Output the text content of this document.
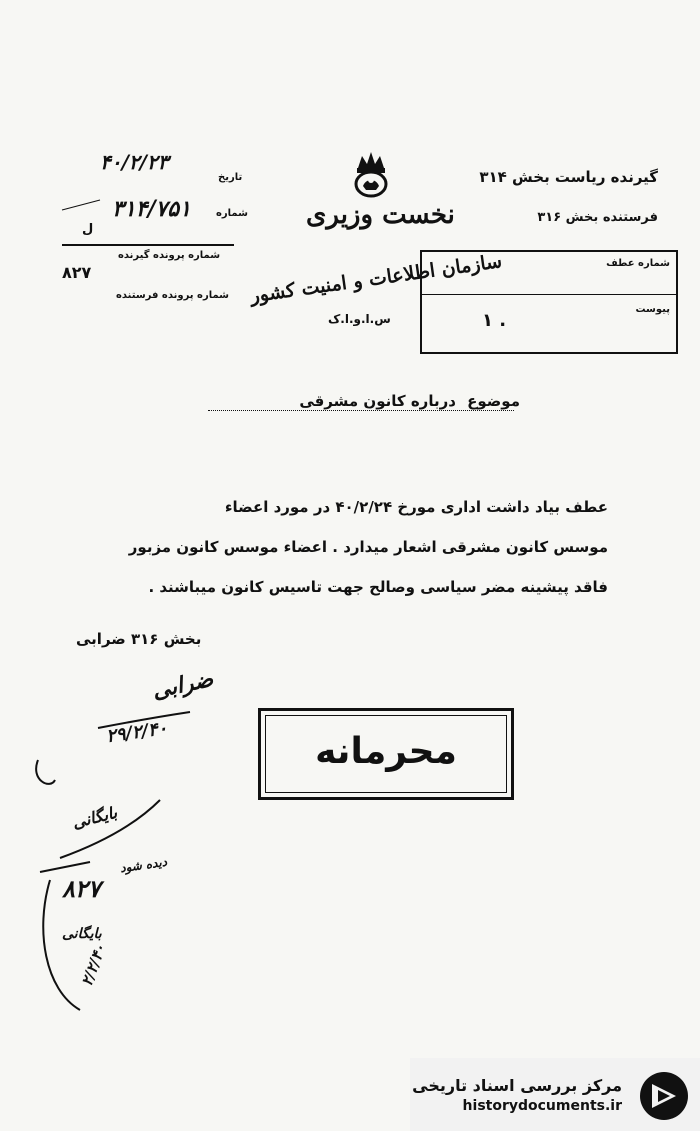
گیرنده ریاست بخش ۳۱۴
فرستنده بخش ۳۱۶
تاریخ
۴۰/۲/۲۳
شماره
۳۱۴/۷۵۱
ل
شماره پرونده گیرنده
۸۲۷
شماره پرونده فرستنده
نخست وزیری
سازمان اطلاعات و امنیت کشور
س.ا.و.ا.ک
شماره عطف
پیوست
۱ .
موضوع درباره کانون مشرقی
عطف بیاد داشت اداری مورخ ۴۰/۲/۲۴ در مورد اعضاء
موسس کانون مشرقی اشعار میدارد . اعضاء موسس کانون مزبور
فاقد پیشینه مضر سیاسی وصالح جهت تاسیس کانون میباشند .
بخش ۳۱۶ ضرابی
ضرابی
۲۹/۲/۴۰	محرمانه
بایگانی
دیده شود
۸۲۷
بایگانی
۲/۲/۴۰
مرکز بررسی اسناد تاریخی
historydocuments.ir
